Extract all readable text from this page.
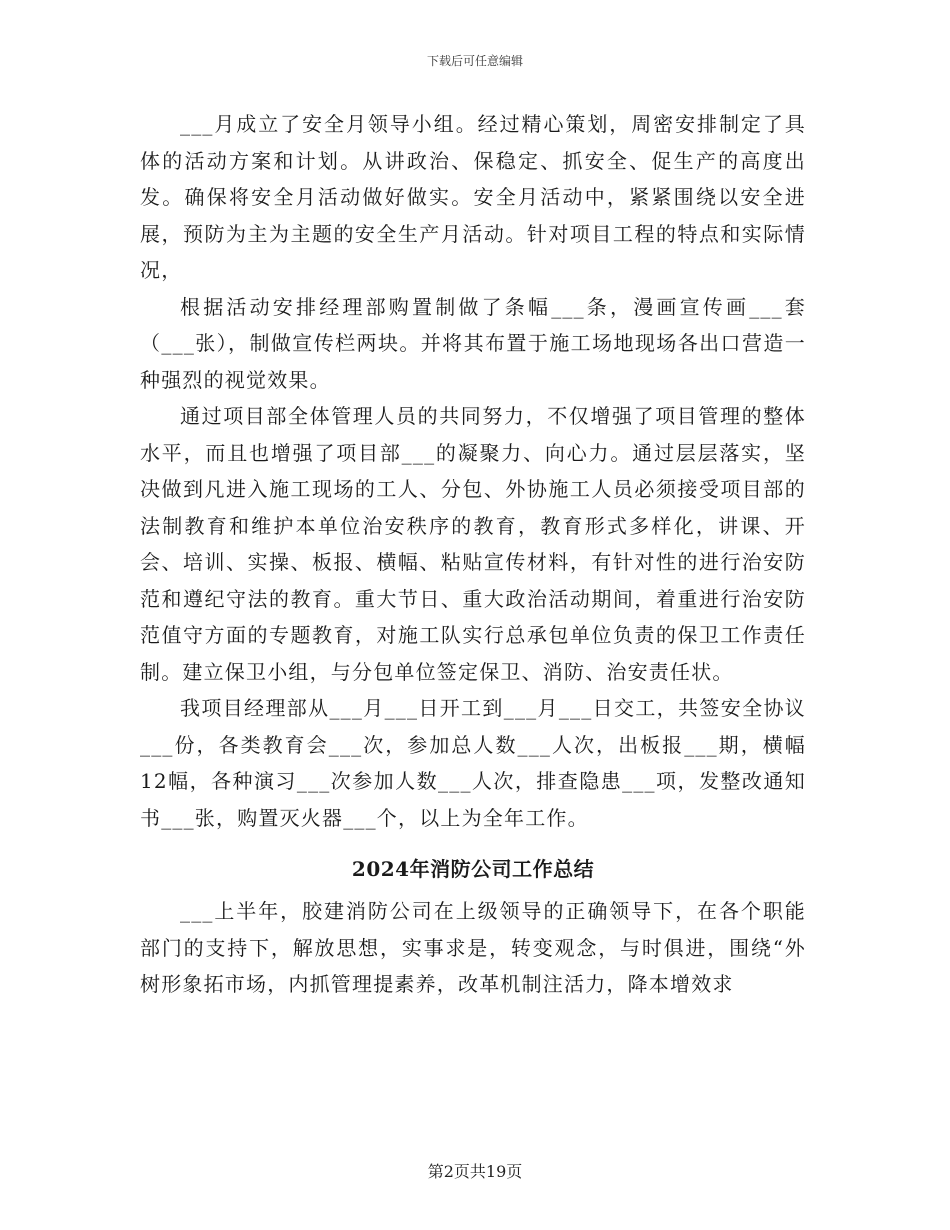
下载后可任意编辑

___月成立了安全月领导小组。经过精心策划，周密安排制定了具体的活动方案和计划。从讲政治、保稳定、抓安全、促生产的高度出发。确保将安全月活动做好做实。安全月活动中，紧紧围绕以安全进展，预防为主为主题的安全生产月活动。针对项目工程的特点和实际情况，

根据活动安排经理部购置制做了条幅___条，漫画宣传画___套（___张），制做宣传栏两块。并将其布置于施工场地现场各出口营造一种强烈的视觉效果。

通过项目部全体管理人员的共同努力，不仅增强了项目管理的整体水平，而且也增强了项目部___的凝聚力、向心力。通过层层落实，坚决做到凡进入施工现场的工人、分包、外协施工人员必须接受项目部的法制教育和维护本单位治安秩序的教育，教育形式多样化，讲课、开会、培训、实操、板报、横幅、粘贴宣传材料，有针对性的进行治安防范和遵纪守法的教育。重大节日、重大政治活动期间，着重进行治安防范值守方面的专题教育，对施工队实行总承包单位负责的保卫工作责任制。建立保卫小组，与分包单位签定保卫、消防、治安责任状。

我项目经理部从___月___日开工到___月___日交工，共签安全协议___份，各类教育会___次，参加总人数___人次，出板报___期，横幅12幅，各种演习___次参加人数___人次，排查隐患___项，发整改通知书___张，购置灭火器___个，以上为全年工作。

2024年消防公司工作总结

___上半年，胶建消防公司在上级领导的正确领导下，在各个职能部门的支持下，解放思想，实事求是，转变观念，与时俱进，围绕“外树形象拓市场，内抓管理提素养，改革机制注活力，降本增效求

第2页共19页
